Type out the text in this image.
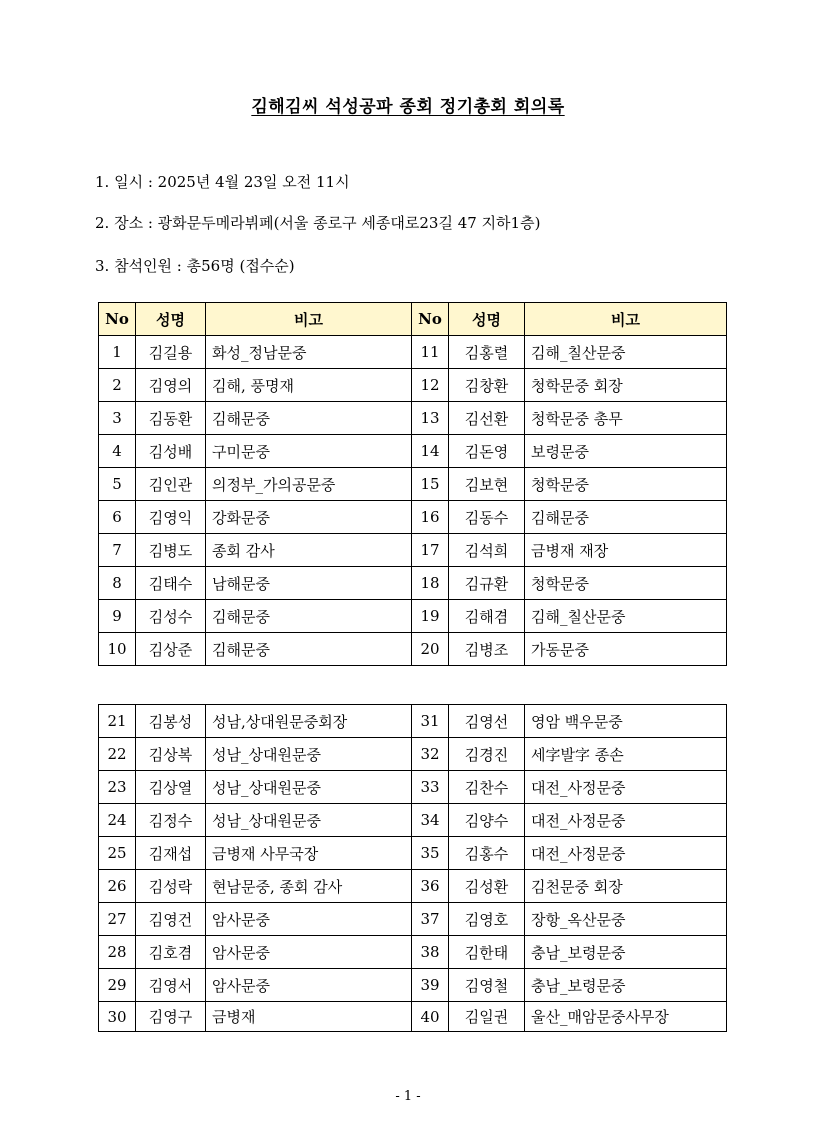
김해김씨 석성공파 종회 정기총회 회의록
1. 일시 : 2025년 4월 23일 오전 11시
2. 장소 : 광화문두메라뷔페(서울 종로구 세종대로23길 47 지하1층)
3. 참석인원 : 총56명 (접수순)
No	성명	비고	No	성명	비고
1	김길용	화성_정남문중	11	김홍렬	김해_칠산문중
2	김영의	김해, 풍명재	12	김창환	청학문중 회장
3	김동환	김해문중	13	김선환	청학문중 총무
4	김성배	구미문중	14	김돈영	보령문중
5	김인관	의정부_가의공문중	15	김보현	청학문중
6	김영익	강화문중	16	김동수	김해문중
7	김병도	종회 감사	17	김석희	금병재 재장
8	김태수	남해문중	18	김규환	청학문중
9	김성수	김해문중	19	김해겸	김해_칠산문중
10	김상준	김해문중	20	김병조	가동문중
21	김봉성	성남,상대원문중회장	31	김영선	영암 백우문중
22	김상복	성남_상대원문중	32	김경진	세字발字 종손
23	김상열	성남_상대원문중	33	김찬수	대전_사정문중
24	김정수	성남_상대원문중	34	김양수	대전_사정문중
25	김재섭	금병재 사무국장	35	김홍수	대전_사정문중
26	김성락	현남문중, 종회 감사	36	김성환	김천문중 회장
27	김영건	암사문중	37	김영호	장항_옥산문중
28	김호겸	암사문중	38	김한태	충남_보령문중
29	김영서	암사문중	39	김영철	충남_보령문중
30	김영구	금병재	40	김일권	울산_매암문중사무장
- 1 -
